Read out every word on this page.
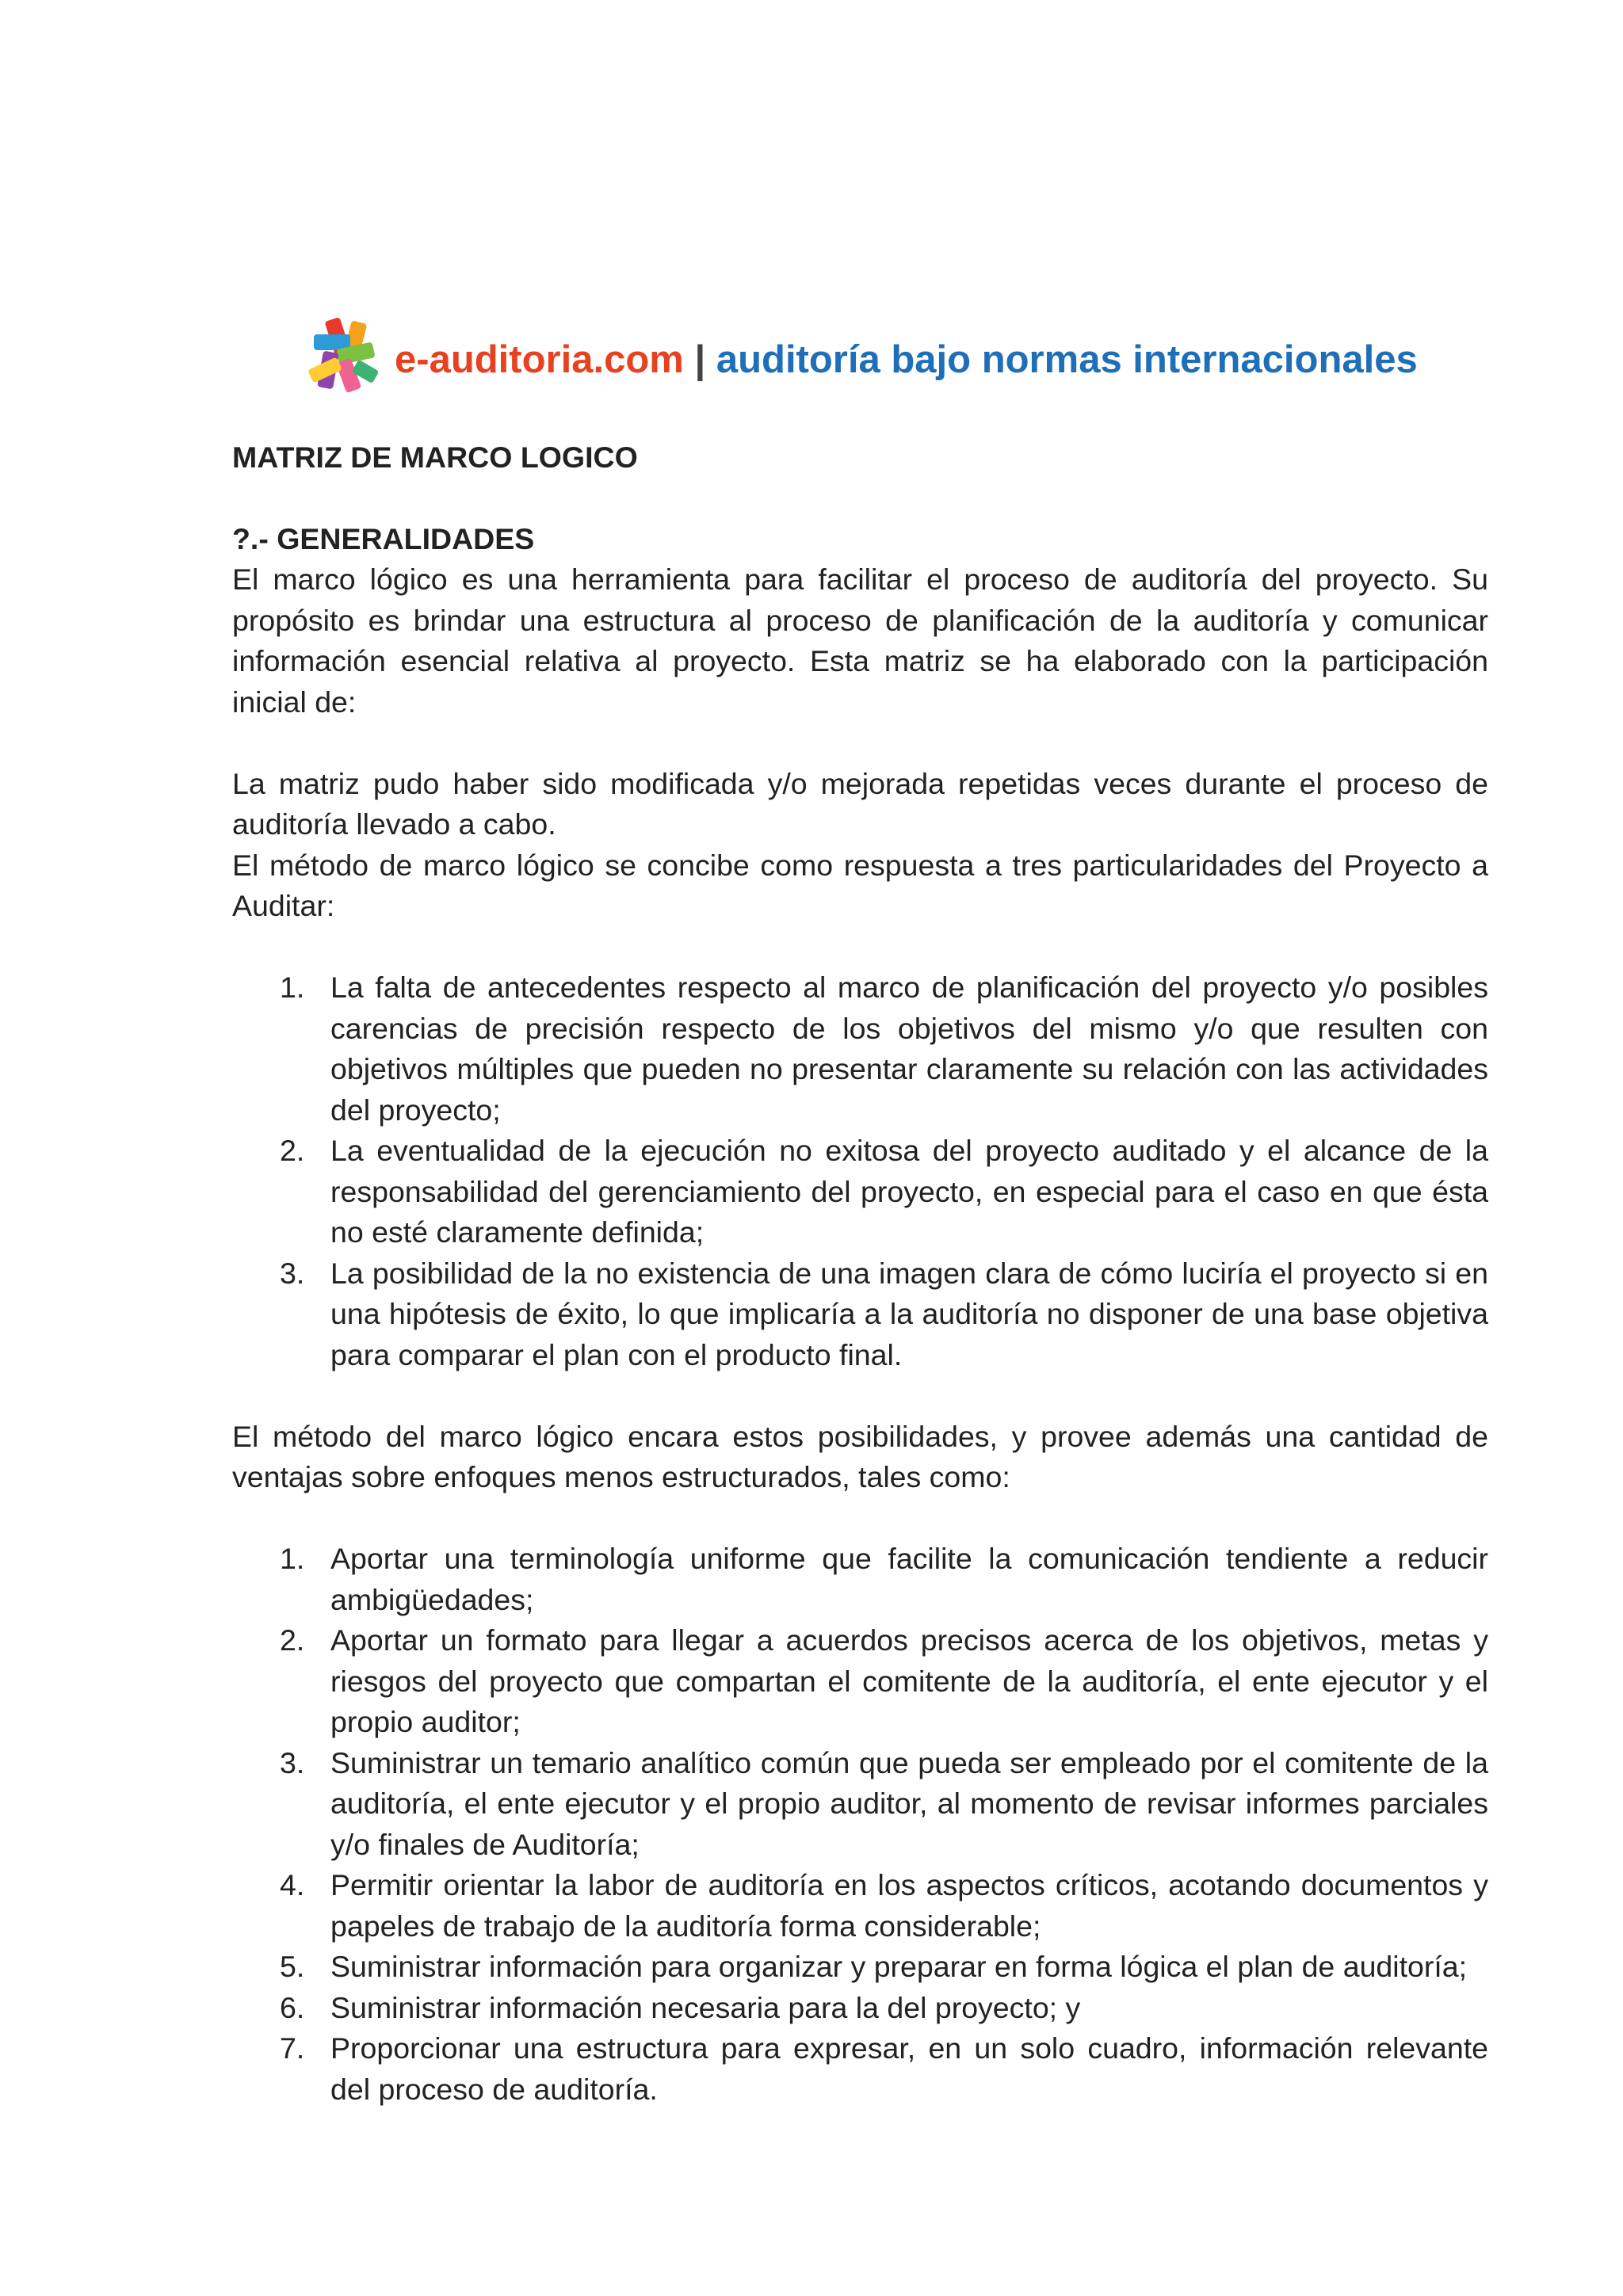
e-auditoria.com | auditoría bajo normas internacionales

MATRIZ DE MARCO LOGICO

?.- GENERALIDADES

El marco lógico es una herramienta para facilitar el proceso de auditoría del proyecto. Su propósito es brindar una estructura al proceso de planificación de la auditoría y comunicar información esencial relativa al proyecto. Esta matriz se ha elaborado con la participación inicial de:

La matriz pudo haber sido modificada y/o mejorada repetidas veces durante el proceso de auditoría llevado a cabo.

El método de marco lógico se concibe como respuesta a tres particularidades del Proyecto a Auditar:

1. La falta de antecedentes respecto al marco de planificación del proyecto y/o posibles carencias de precisión respecto de los objetivos del mismo y/o que resulten con objetivos múltiples que pueden no presentar claramente su relación con las actividades del proyecto;
2. La eventualidad de la ejecución no exitosa del proyecto auditado y el alcance de la responsabilidad del gerenciamiento del proyecto, en especial para el caso en que ésta no esté claramente definida;
3. La posibilidad de la no existencia de una imagen clara de cómo luciría el proyecto si en una hipótesis de éxito, lo que implicaría a la auditoría no disponer de una base objetiva para comparar el plan con el producto final.

El método del marco lógico encara estos posibilidades, y provee además una cantidad de ventajas sobre enfoques menos estructurados, tales como:

1. Aportar una terminología uniforme que facilite la comunicación tendiente a reducir ambigüedades;
2. Aportar un formato para llegar a acuerdos precisos acerca de los objetivos, metas y riesgos del proyecto que compartan el comitente de la auditoría, el ente ejecutor y el propio auditor;
3. Suministrar un temario analítico común que pueda ser empleado por el comitente de la auditoría, el ente ejecutor y el propio auditor, al momento de revisar informes parciales y/o finales de Auditoría;
4. Permitir orientar la labor de auditoría en los aspectos críticos, acotando documentos y papeles de trabajo de la auditoría forma considerable;
5. Suministrar información para organizar y preparar en forma lógica el plan de auditoría;
6. Suministrar información necesaria para la del proyecto; y
7. Proporcionar una estructura para expresar, en un solo cuadro, información relevante del proceso de auditoría.
